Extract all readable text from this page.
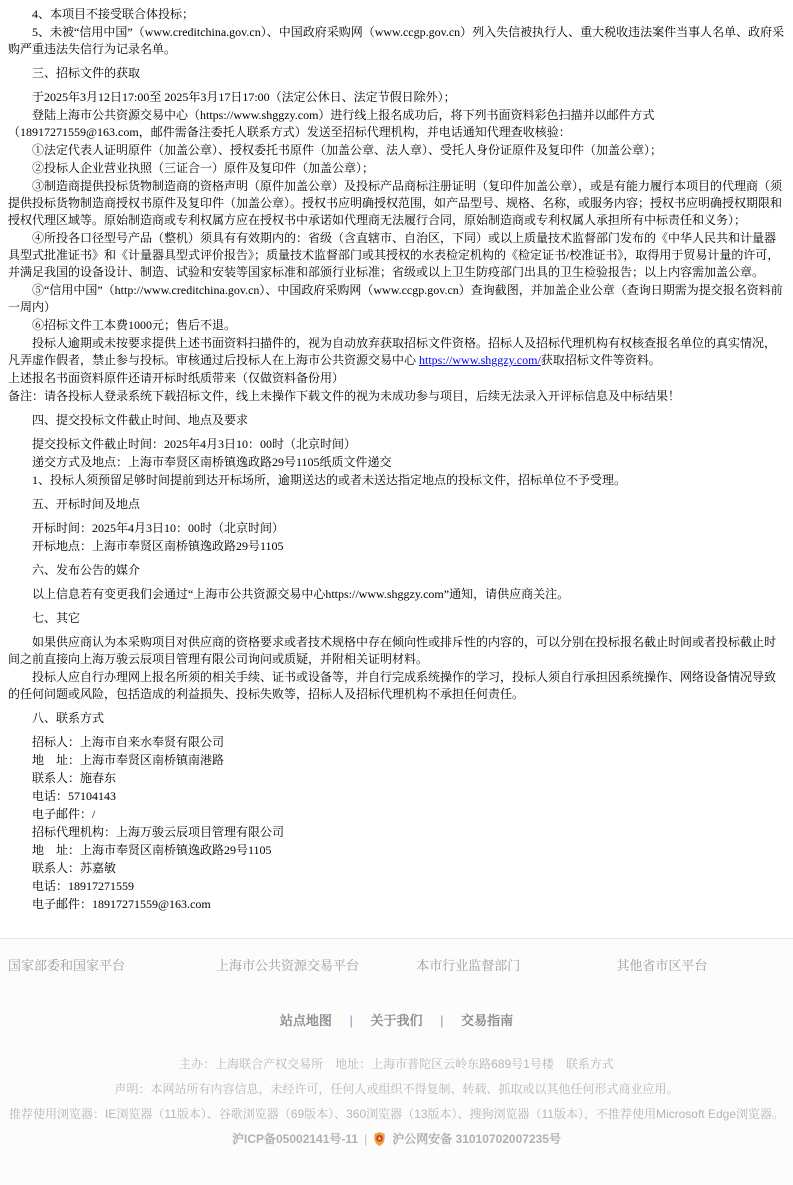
4、本项目不接受联合体投标；

5、未被“信用中国”（www.creditchina.gov.cn）、中国政府采购网（www.ccgp.gov.cn）列入失信被执行人、重大税收违法案件当事人名单、政府采购严重违法失信行为记录名单。

三、招标文件的获取

于2025年3月12日17:00至 2025年3月17日17:00（法定公休日、法定节假日除外）；

登陆上海市公共资源交易中心（https://www.shggzy.com）进行线上报名成功后，将下列书面资料彩色扫描并以邮件方式（18917271559@163.com，邮件需备注委托人联系方式）发送至招标代理机构，并电话通知代理查收核验：

①法定代表人证明原件（加盖公章）、授权委托书原件（加盖公章、法人章）、受托人身份证原件及复印件（加盖公章）；

②投标人企业营业执照（三证合一）原件及复印件（加盖公章）；

③制造商提供投标货物制造商的资格声明（原件加盖公章）及投标产品商标注册证明（复印件加盖公章），或是有能力履行本项目的代理商（须提供投标货物制造商授权书原件及复印件（加盖公章）。授权书应明确授权范围，如产品型号、规格、名称，或服务内容；授权书应明确授权期限和授权代理区域等。原始制造商或专利权属方应在授权书中承诺如代理商无法履行合同，原始制造商或专利权属人承担所有中标责任和义务）；

④所投各口径型号产品（整机）须具有有效期内的：省级（含直辖市、自治区，下同）或以上质量技术监督部门发布的《中华人民共和计量器具型式批准证书》和《计量器具型式评价报告》；质量技术监督部门或其授权的水表检定机构的《检定证书/校准证书》，取得用于贸易计量的许可，并满足我国的设备设计、制造、试验和安装等国家标准和部颁行业标准；省级或以上卫生防疫部门出具的卫生检验报告；以上内容需加盖公章。

⑤“信用中国”（http://www.creditchina.gov.cn）、中国政府采购网（www.ccgp.gov.cn）查询截图，并加盖企业公章（查询日期需为提交报名资料前一周内）

⑥招标文件工本费1000元；售后不退。

投标人逾期或未按要求提供上述书面资料扫描件的，视为自动放弃获取招标文件资格。招标人及招标代理机构有权核查报名单位的真实情况，凡弄虚作假者，禁止参与投标。审核通过后投标人在上海市公共资源交易中心 https://www.shggzy.com/获取招标文件等资料。

上述报名书面资料原件还请开标时纸质带来（仅做资料备份用）

备注：请各投标人登录系统下载招标文件，线上未操作下载文件的视为未成功参与项目，后续无法录入开评标信息及中标结果！

四、提交投标文件截止时间、地点及要求

提交投标文件截止时间：2025年4月3日10：00时（北京时间）

递交方式及地点：上海市奉贤区南桥镇逸政路29号1105纸质文件递交

1、投标人须预留足够时间提前到达开标场所，逾期送达的或者未送达指定地点的投标文件，招标单位不予受理。

五、开标时间及地点

开标时间：2025年4月3日10：00时（北京时间）

开标地点：上海市奉贤区南桥镇逸政路29号1105

六、发布公告的媒介

以上信息若有变更我们会通过“上海市公共资源交易中心https://www.shggzy.com”通知，请供应商关注。

七、其它

如果供应商认为本采购项目对供应商的资格要求或者技术规格中存在倾向性或排斥性的内容的，可以分别在投标报名截止时间或者投标截止时间之前直接向上海万骏云辰项目管理有限公司询问或质疑，并附相关证明材料。

投标人应自行办理网上报名所须的相关手续、证书或设备等，并自行完成系统操作的学习，投标人须自行承担因系统操作、网络设备情况导致的任何问题或风险，包括造成的利益损失、投标失败等，招标人及招标代理机构不承担任何责任。

八、联系方式

招标人：上海市自来水奉贤有限公司

地　址：上海市奉贤区南桥镇南港路

联系人：施春东

电话：57104143

电子邮件：/

招标代理机构：上海万骏云辰项目管理有限公司

地　址：上海市奉贤区南桥镇逸政路29号1105

联系人：苏嘉敏

电话：18917271559

电子邮件：18917271559@163.com

国家部委和国家平台	上海市公共资源交易平台	本市行业监督部门	其他省市区平台
站点地图 | 关于我们 | 交易指南
主办：上海联合产权交易所　地址：上海市普陀区云岭东路689号1号楼　联系方式
声明：本网站所有内容信息，未经许可，任何人或组织不得复制、转载、抓取或以其他任何形式商业应用。
推荐使用浏览器：IE浏览器（11版本）、谷歌浏览器（69版本）、360浏览器（13版本）、搜狗浏览器（11版本），不推荐使用Microsoft Edge浏览器。
沪ICP备05002141号-11 | 沪公网安备 31010702007235号
